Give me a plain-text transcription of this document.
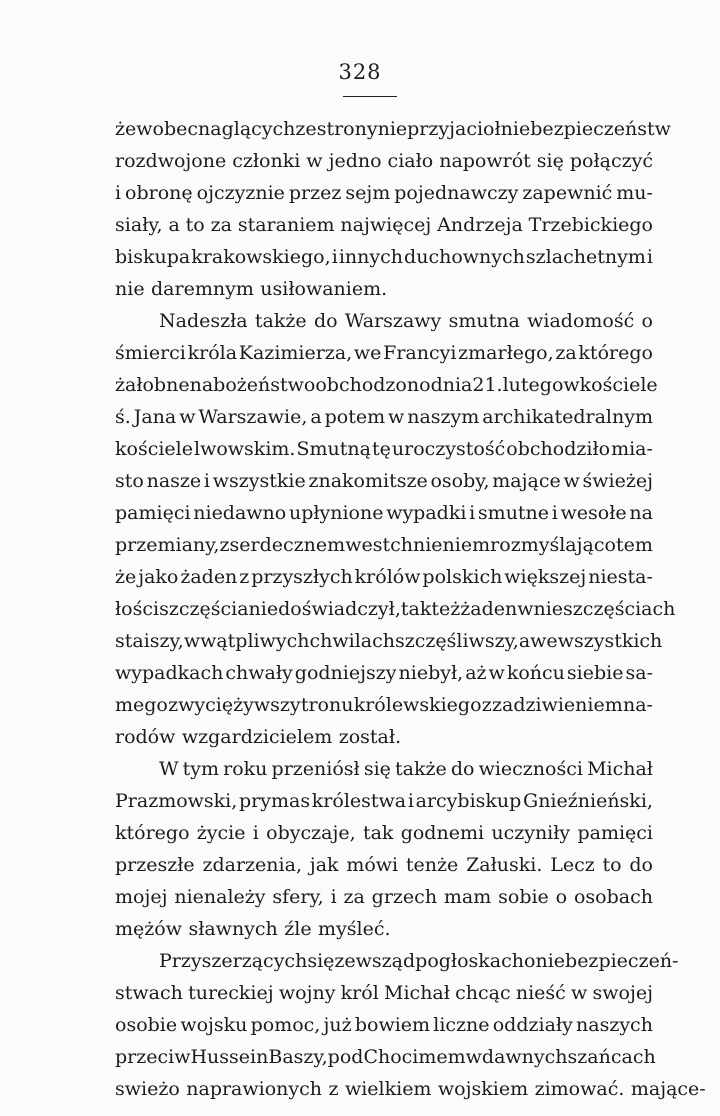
328
że w obec naglących ze strony nieprzyjacioł niebezpieczeństw
rozdwojone członki w jedno ciało napowrót się połączyć
i obronę ojczyznie przez sejm pojednawczy zapewnić mu-
siały, a to za staraniem najwięcej Andrzeja Trzebickiego
biskupa krakowskiego, i innych duchownych szlachetnym i
nie daremnym usiłowaniem.
Nadeszła także do Warszawy smutna wiadomość o
śmierci króla Kazimierza, we Francyi zmarłego, za którego
żałobne nabożeństwo obchodzono dnia 21. lutego w kościele
ś. Jana w Warszawie, a potem w naszym archikatedralnym
kościele lwowskim. Smutną tę uroczystość obchodziło mia-
sto nasze i wszystkie znakomitsze osoby, mające w świeżej
pamięci niedawno upłynione wypadki i smutne i wesołe na
przemiany, z serdecznem westchnieniem rozmyślając o tem
że jako żaden z przyszłych królów polskich większej niesta-
łości szczęścia niedoświadczył, tak też żaden w nieszczęściach
staiszy, w wątpliwych chwilach szczęśliwszy, a we wszystkich
wypadkach chwały godniejszy niebył, aż w końcu siebie sa-
mego zwyciężywszy tronu królewskiego z zadziwieniem na-
rodów wzgardzicielem został.
W tym roku przeniósł się także do wieczności Michał
Prazmowski, prymas królestwa i arcybiskup Gnieźnieński,
którego życie i obyczaje, tak godnemi uczyniły pamięci
przeszłe zdarzenia, jak mówi tenże Załuski. Lecz to do
mojej nienależy sfery, i za grzech mam sobie o osobach
mężów sławnych źle myśleć.
Przy szerzących się zewsząd pogłoskach o niebezpieczeń-
stwach tureckiej wojny król Michał chcąc nieść w swojej
osobie wojsku pomoc, już bowiem liczne oddziały naszych
przeciw Hussein Baszy, pod Chocimem w dawnych szańcach
swieżo naprawionych z wielkiem wojskiem zimować. mające-
